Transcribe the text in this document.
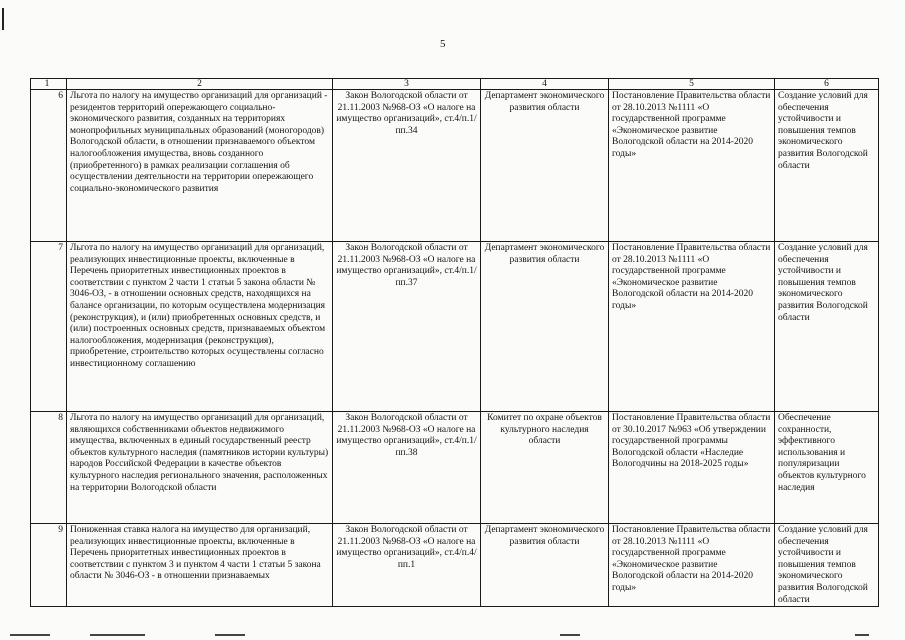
5
1	2	3	4	5	6
6	Льгота по налогу на имущество организаций для организаций - резидентов территорий опережающего социально-экономического развития, созданных на территориях монопрофильных муниципальных образований (моногородов) Вологодской области, в отношении признаваемого объектом налогообложения имущества, вновь созданного (приобретенного) в рамках реализации соглашения об осуществлении деятельности на территории опережающего социально-экономического развития	Закон Вологодской области от 21.11.2003 №968-ОЗ «О налоге на имущество организаций», ст.4/п.1/пп.34	Департамент экономического развития области	Постановление Правительства области от 28.10.2013 №1111 «О государственной программе «Экономическое развитие Вологодской области на 2014-2020 годы»	Создание условий для обеспечения устойчивости и повышения темпов экономического развития Вологодской области
7	Льгота по налогу на имущество организаций для организаций, реализующих инвестиционные проекты, включенные в Перечень приоритетных инвестиционных проектов в соответствии с пунктом 2 части 1 статьи 5 закона области № 3046-ОЗ, - в отношении основных средств, находящихся на балансе организации, по которым осуществлена модернизация (реконструкция), и (или) приобретенных основных средств, и (или) построенных основных средств, признаваемых объектом налогообложения, модернизация (реконструкция), приобретение, строительство которых осуществлены согласно инвестиционному соглашению	Закон Вологодской области от 21.11.2003 №968-ОЗ «О налоге на имущество организаций», ст.4/п.1/пп.37	Департамент экономического развития области	Постановление Правительства области от 28.10.2013 №1111 «О государственной программе «Экономическое развитие Вологодской области на 2014-2020 годы»	Создание условий для обеспечения устойчивости и повышения темпов экономического развития Вологодской области
8	Льгота по налогу на имущество организаций для организаций, являющихся собственниками объектов недвижимого имущества, включенных в единый государственный реестр объектов культурного наследия (памятников истории культуры) народов Российской Федерации в качестве объектов культурного наследия регионального значения, расположенных на территории Вологодской области	Закон Вологодской области от 21.11.2003 №968-ОЗ «О налоге на имущество организаций», ст.4/п.1/пп.38	Комитет по охране объектов культурного наследия области	Постановление Правительства области от 30.10.2017 №963 «Об утверждении государственной программы Вологодской области «Наследие Вологодчины на 2018-2025 годы»	Обеспечение сохранности, эффективного использования и популяризации объектов культурного наследия
9	Пониженная ставка налога на имущество для организаций, реализующих инвестиционные проекты, включенные в Перечень приоритетных инвестиционных проектов в соответствии с пунктом 3 и пунктом 4 части 1 статьи 5 закона области № 3046-ОЗ - в отношении признаваемых	Закон Вологодской области от 21.11.2003 №968-ОЗ «О налоге на имущество организаций», ст.4/п.4/пп.1	Департамент экономического развития области	Постановление Правительства области от 28.10.2013 №1111 «О государственной программе «Экономическое развитие Вологодской области на 2014-2020 годы»	Создание условий для обеспечения устойчивости и повышения темпов экономического развития Вологодской области
